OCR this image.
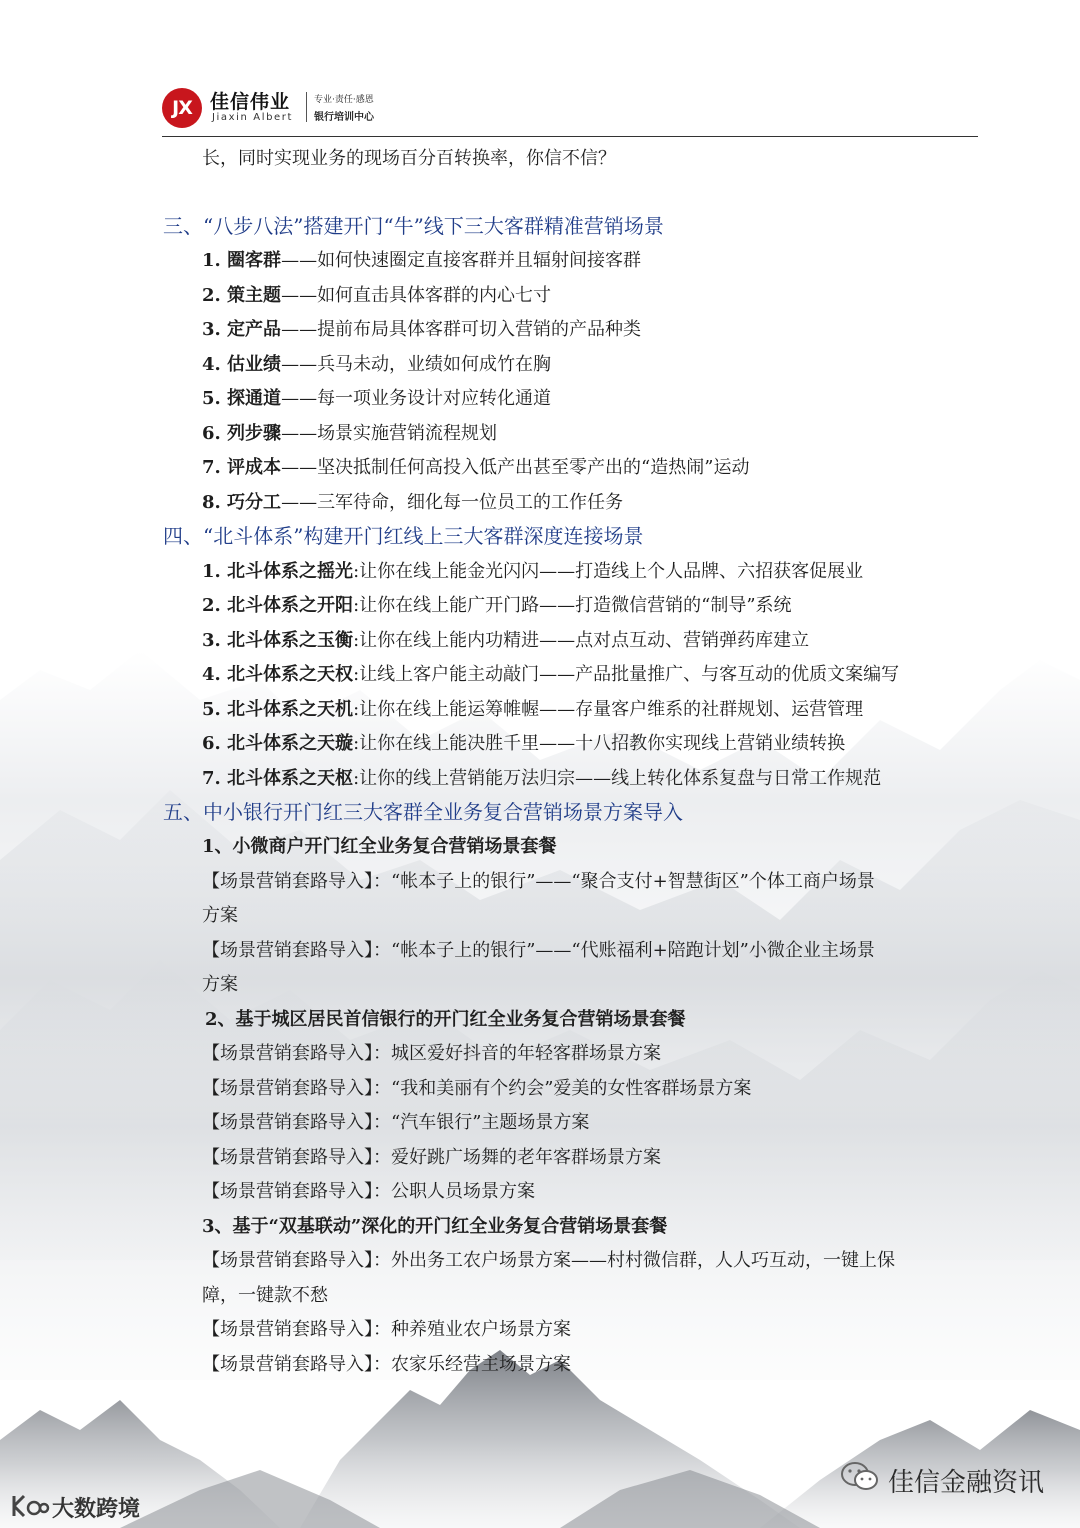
JX 佳信伟业
Jiaxin Albert
专业·责任·感恩
银行培训中心
长，同时实现业务的现场百分百转换率，你信不信？
三、“八步八法”搭建开门“牛”线下三大客群精准营销场景
1. 圈客群——如何快速圈定直接客群并且辐射间接客群
2. 策主题——如何直击具体客群的内心七寸
3. 定产品——提前布局具体客群可切入营销的产品种类
4. 估业绩——兵马未动，业绩如何成竹在胸
5. 探通道——每一项业务设计对应转化通道
6. 列步骤——场景实施营销流程规划
7. 评成本——坚决抵制任何高投入低产出甚至零产出的“造热闹”运动
8. 巧分工——三军待命，细化每一位员工的工作任务
四、“北斗体系”构建开门红线上三大客群深度连接场景
1. 北斗体系之摇光:让你在线上能金光闪闪——打造线上个人品牌、六招获客促展业
2. 北斗体系之开阳:让你在线上能广开门路——打造微信营销的“制导”系统
3. 北斗体系之玉衡:让你在线上能内功精进——点对点互动、营销弹药库建立
4. 北斗体系之天权:让线上客户能主动敲门——产品批量推广、与客互动的优质文案编写
5. 北斗体系之天机:让你在线上能运筹帷幄——存量客户维系的社群规划、运营管理
6. 北斗体系之天璇:让你在线上能决胜千里——十八招教你实现线上营销业绩转换
7. 北斗体系之天枢:让你的线上营销能万法归宗——线上转化体系复盘与日常工作规范
五、中小银行开门红三大客群全业务复合营销场景方案导入
1、小微商户开门红全业务复合营销场景套餐
【场景营销套路导入】：“帐本子上的银行”——“聚合支付+智慧街区”个体工商户场景
方案
【场景营销套路导入】：“帐本子上的银行”——“代账福利+陪跑计划”小微企业主场景
方案
2、基于城区居民首信银行的开门红全业务复合营销场景套餐
【场景营销套路导入】：城区爱好抖音的年轻客群场景方案
【场景营销套路导入】：“我和美丽有个约会”爱美的女性客群场景方案
【场景营销套路导入】：“汽车银行”主题场景方案
【场景营销套路导入】：爱好跳广场舞的老年客群场景方案
【场景营销套路导入】：公职人员场景方案
3、基于“双基联动”深化的开门红全业务复合营销场景套餐
【场景营销套路导入】：外出务工农户场景方案——村村微信群，人人巧互动，一键上保
障，一键款不愁
【场景营销套路导入】：种养殖业农户场景方案
【场景营销套路导入】：农家乐经营主场景方案
大数跨境
佳信金融资讯
